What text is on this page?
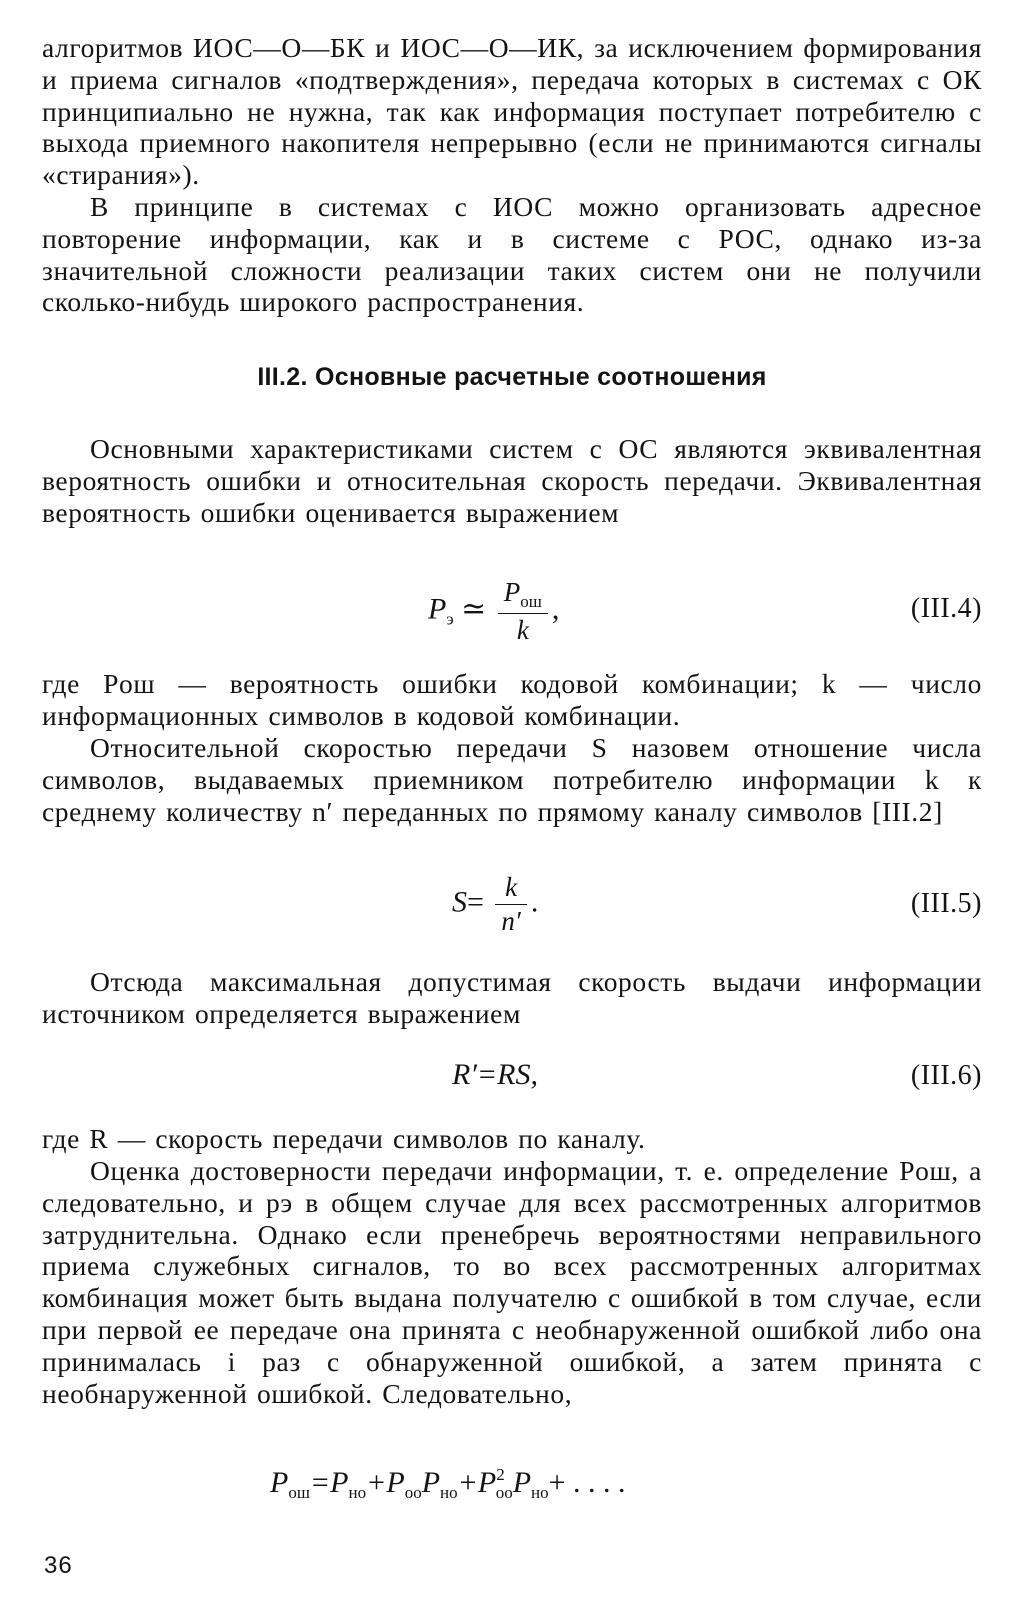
алгоритмов ИОС—О—БК и ИОС—О—ИК, за исключением формирования и приема сигналов «подтверждения», передача которых в системах с ОК принципиально не нужна, так как информация поступает потребителю с выхода приемного накопителя непрерывно (если не принимаются сигналы «стирания»).

В принципе в системах с ИОС можно организовать адресное повторение информации, как и в системе с РОС, однако из-за значительной сложности реализации таких систем они не получили сколько-нибудь широкого распространения.

III.2. Основные расчетные соотношения

Основными характеристиками систем с ОС являются эквивалентная вероятность ошибки и относительная скорость передачи. Эквивалентная вероятность ошибки оценивается выражением

$P_э$ ≃ $\frac{P_{ош}}{k}$ ,	(III.4)

где Pош — вероятность ошибки кодовой комбинации; k — число информационных символов в кодовой комбинации.

Относительной скоростью передачи S назовем отношение числа символов, выдаваемых приемником потребителю информации k к среднему количеству n′ переданных по прямому каналу символов [III.2]

$S= \frac{k}{n'}$ .	(III.5)

Отсюда максимальная допустимая скорость выдачи информации источником определяется выражением

R′=RS,	(III.6)

где R — скорость передачи символов по каналу.

Оценка достоверности передачи информации, т. е. определение Pош, а следовательно, и pэ в общем случае для всех рассмотренных алгоритмов затруднительна. Однако если пренебречь вероятностями неправильного приема служебных сигналов, то во всех рассмотренных алгоритмах комбинация может быть выдана получателю с ошибкой в том случае, если при первой ее передаче она принята с необнаруженной ошибкой либо она принималась i раз с обнаруженной ошибкой, а затем принята с необнаруженной ошибкой. Следовательно,

$P_{ош}=P_{но}+P_{оо}P_{но}+P^2_{оо}P_{но}+$ . . . .
36
